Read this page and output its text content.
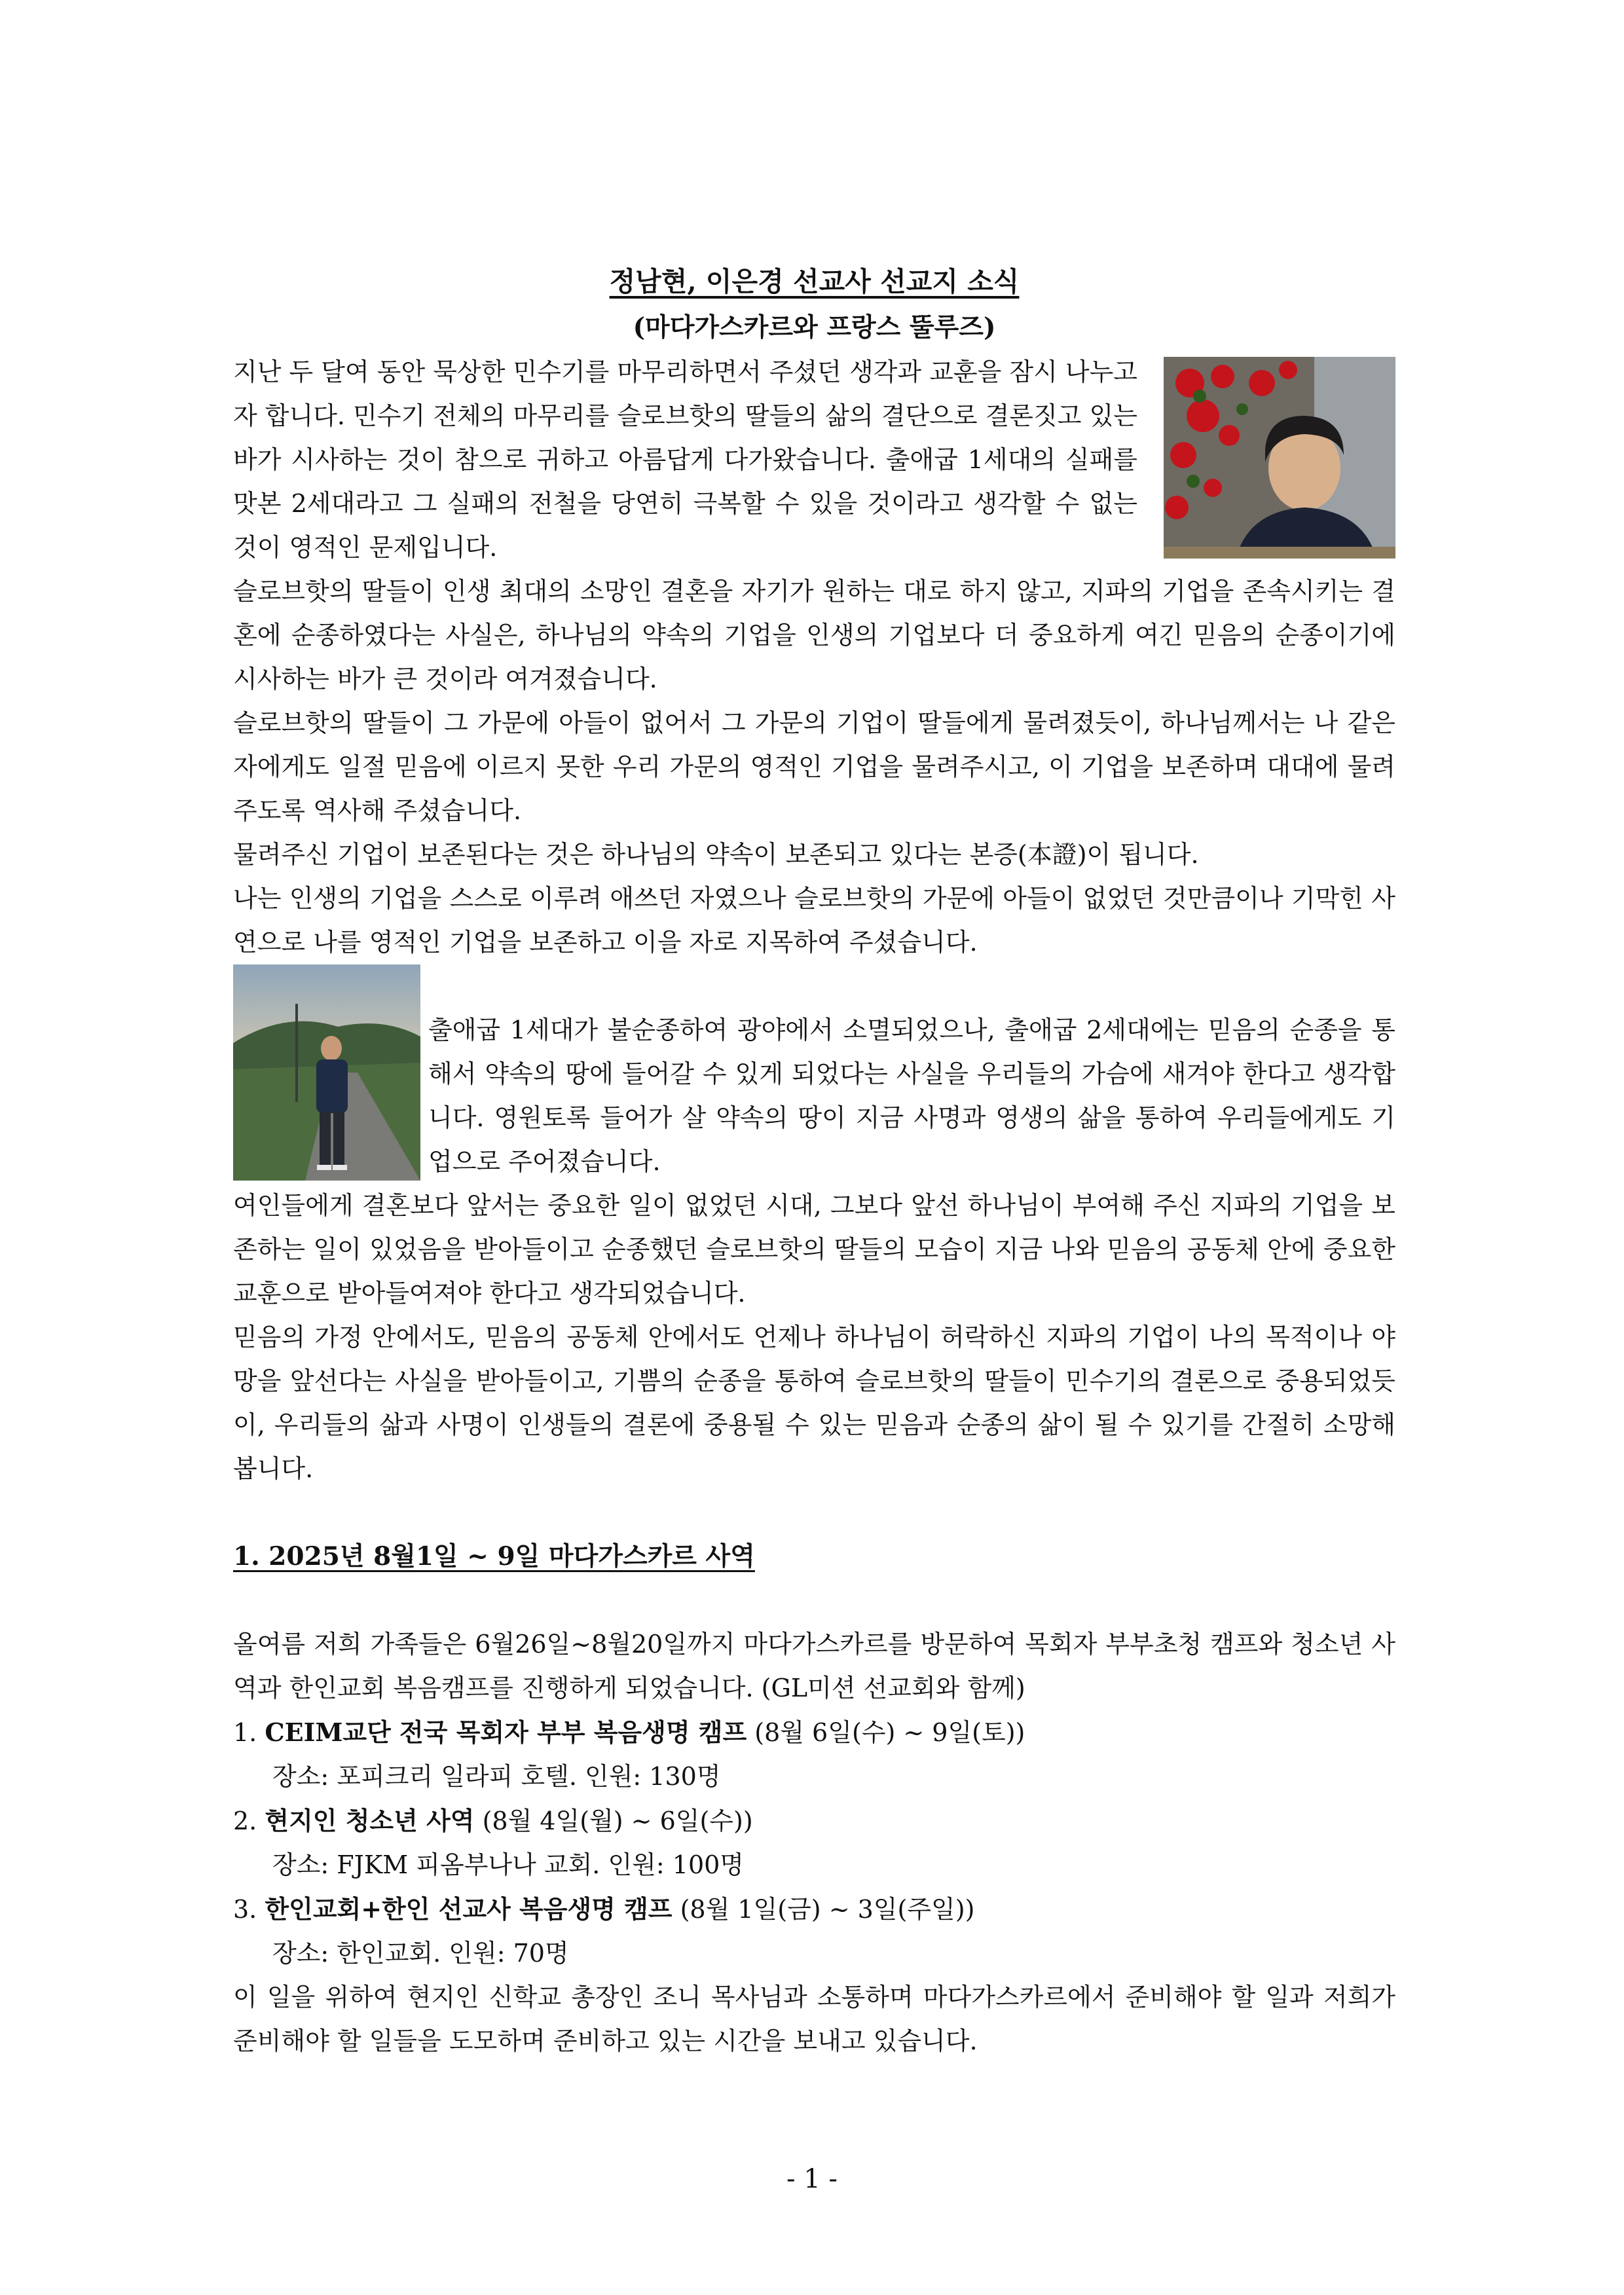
정남현, 이은경 선교사 선교지 소식
(마다가스카르와 프랑스 뚤루즈)

지난 두 달여 동안 묵상한 민수기를 마무리하면서 주셨던 생각과 교훈을 잠시 나누고자 합니다. 민수기 전체의 마무리를 슬로브핫의 딸들의 삶의 결단으로 결론짓고 있는 바가 시사하는 것이 참으로 귀하고 아름답게 다가왔습니다. 출애굽 1세대의 실패를 맛본 2세대라고 그 실패의 전철을 당연히 극복할 수 있을 것이라고 생각할 수 없는 것이 영적인 문제입니다.

슬로브핫의 딸들이 인생 최대의 소망인 결혼을 자기가 원하는 대로 하지 않고, 지파의 기업을 존속시키는 결혼에 순종하였다는 사실은, 하나님의 약속의 기업을 인생의 기업보다 더 중요하게 여긴 믿음의 순종이기에 시사하는 바가 큰 것이라 여겨졌습니다.

슬로브핫의 딸들이 그 가문에 아들이 없어서 그 가문의 기업이 딸들에게 물려졌듯이, 하나님께서는 나 같은 자에게도 일절 믿음에 이르지 못한 우리 가문의 영적인 기업을 물려주시고, 이 기업을 보존하며 대대에 물려주도록 역사해 주셨습니다.

물려주신 기업이 보존된다는 것은 하나님의 약속이 보존되고 있다는 본증(本證)이 됩니다.

나는 인생의 기업을 스스로 이루려 애쓰던 자였으나 슬로브핫의 가문에 아들이 없었던 것만큼이나 기막힌 사연으로 나를 영적인 기업을 보존하고 이을 자로 지목하여 주셨습니다.

출애굽 1세대가 불순종하여 광야에서 소멸되었으나, 출애굽 2세대에는 믿음의 순종을 통해서 약속의 땅에 들어갈 수 있게 되었다는 사실을 우리들의 가슴에 새겨야 한다고 생각합니다. 영원토록 들어가 살 약속의 땅이 지금 사명과 영생의 삶을 통하여 우리들에게도 기업으로 주어졌습니다.

여인들에게 결혼보다 앞서는 중요한 일이 없었던 시대, 그보다 앞선 하나님이 부여해 주신 지파의 기업을 보존하는 일이 있었음을 받아들이고 순종했던 슬로브핫의 딸들의 모습이 지금 나와 믿음의 공동체 안에 중요한 교훈으로 받아들여져야 한다고 생각되었습니다.

믿음의 가정 안에서도, 믿음의 공동체 안에서도 언제나 하나님이 허락하신 지파의 기업이 나의 목적이나 야망을 앞선다는 사실을 받아들이고, 기쁨의 순종을 통하여 슬로브핫의 딸들이 민수기의 결론으로 중용되었듯이, 우리들의 삶과 사명이 인생들의 결론에 중용될 수 있는 믿음과 순종의 삶이 될 수 있기를 간절히 소망해봅니다.

1. 2025년 8월1일 ~ 9일 마다가스카르 사역

올여름 저희 가족들은 6월26일~8월20일까지 마다가스카르를 방문하여 목회자 부부초청 캠프와 청소년 사역과 한인교회 복음캠프를 진행하게 되었습니다. (GL미션 선교회와 함께)

1. CEIM교단 전국 목회자 부부 복음생명 캠프 (8월 6일(수) ~ 9일(토))

장소: 포피크리 일라피 호텔. 인원: 130명

2. 현지인 청소년 사역 (8월 4일(월) ~ 6일(수))

장소: FJKM 피옴부나나 교회. 인원: 100명

3. 한인교회+한인 선교사 복음생명 캠프 (8월 1일(금) ~ 3일(주일))

장소: 한인교회. 인원: 70명

이 일을 위하여 현지인 신학교 총장인 조니 목사님과 소통하며 마다가스카르에서 준비해야 할 일과 저희가 준비해야 할 일들을 도모하며 준비하고 있는 시간을 보내고 있습니다.

- 1 -
